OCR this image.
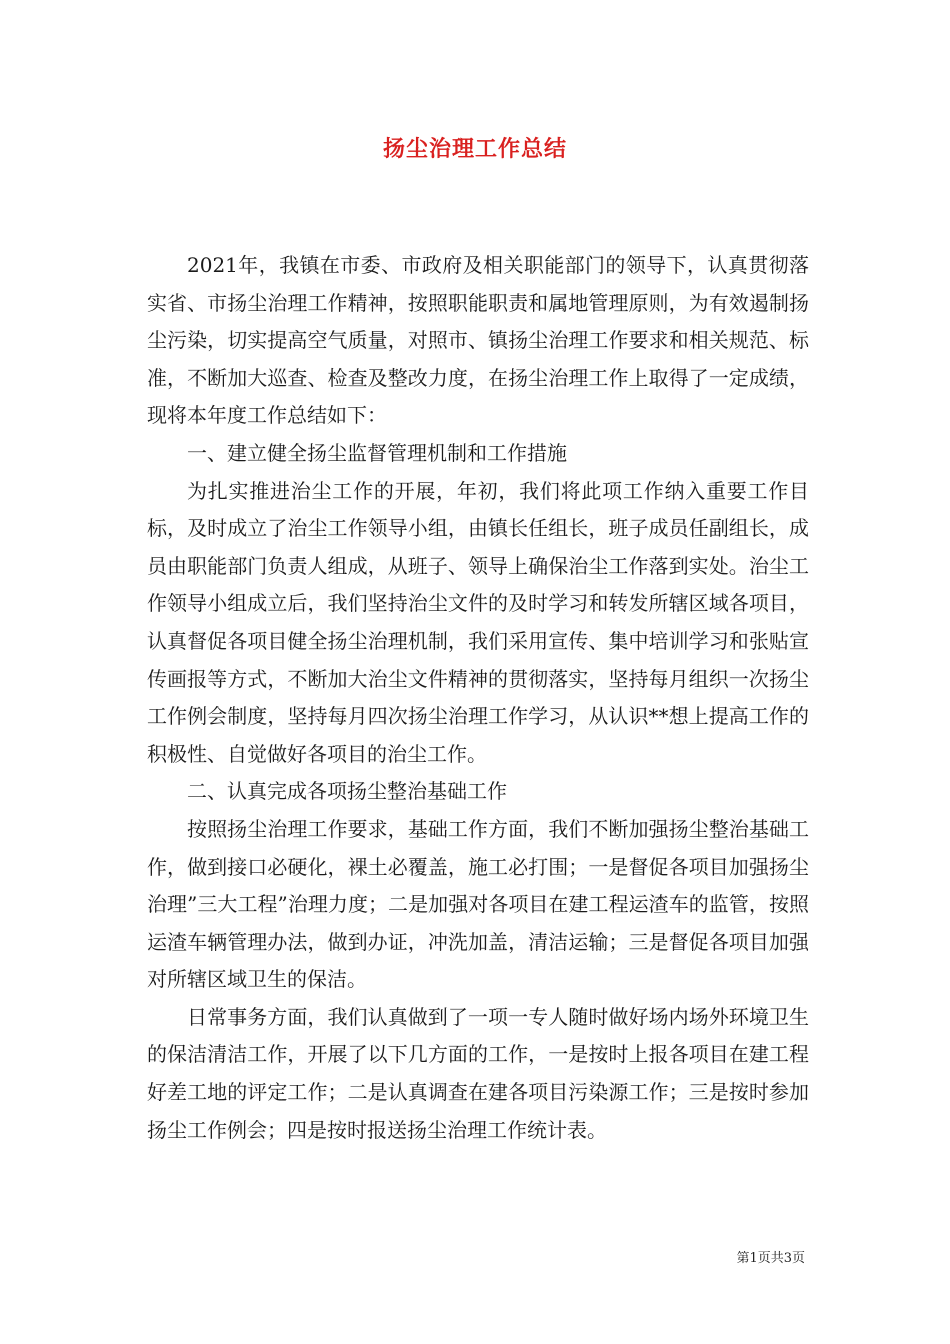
扬尘治理工作总结

2021年，我镇在市委、市政府及相关职能部门的领导下，认真贯彻落实省、市扬尘治理工作精神，按照职能职责和属地管理原则，为有效遏制扬尘污染，切实提高空气质量，对照市、镇扬尘治理工作要求和相关规范、标准，不断加大巡查、检查及整改力度，在扬尘治理工作上取得了一定成绩，现将本年度工作总结如下：

一、建立健全扬尘监督管理机制和工作措施

为扎实推进治尘工作的开展，年初，我们将此项工作纳入重要工作目标，及时成立了治尘工作领导小组，由镇长任组长，班子成员任副组长，成员由职能部门负责人组成，从班子、领导上确保治尘工作落到实处。治尘工作领导小组成立后，我们坚持治尘文件的及时学习和转发所辖区域各项目，认真督促各项目健全扬尘治理机制，我们采用宣传、集中培训学习和张贴宣传画报等方式，不断加大治尘文件精神的贯彻落实，坚持每月组织一次扬尘工作例会制度，坚持每月四次扬尘治理工作学习，从认识**想上提高工作的积极性、自觉做好各项目的治尘工作。

二、认真完成各项扬尘整治基础工作

按照扬尘治理工作要求，基础工作方面，我们不断加强扬尘整治基础工作，做到接口必硬化，裸土必覆盖，施工必打围；一是督促各项目加强扬尘治理”三大工程”治理力度；二是加强对各项目在建工程运渣车的监管，按照运渣车辆管理办法，做到办证，冲洗加盖，清洁运输；三是督促各项目加强对所辖区域卫生的保洁。

日常事务方面，我们认真做到了一项一专人随时做好场内场外环境卫生的保洁清洁工作，开展了以下几方面的工作，一是按时上报各项目在建工程好差工地的评定工作；二是认真调查在建各项目污染源工作；三是按时参加扬尘工作例会；四是按时报送扬尘治理工作统计表。

第1页共3页
